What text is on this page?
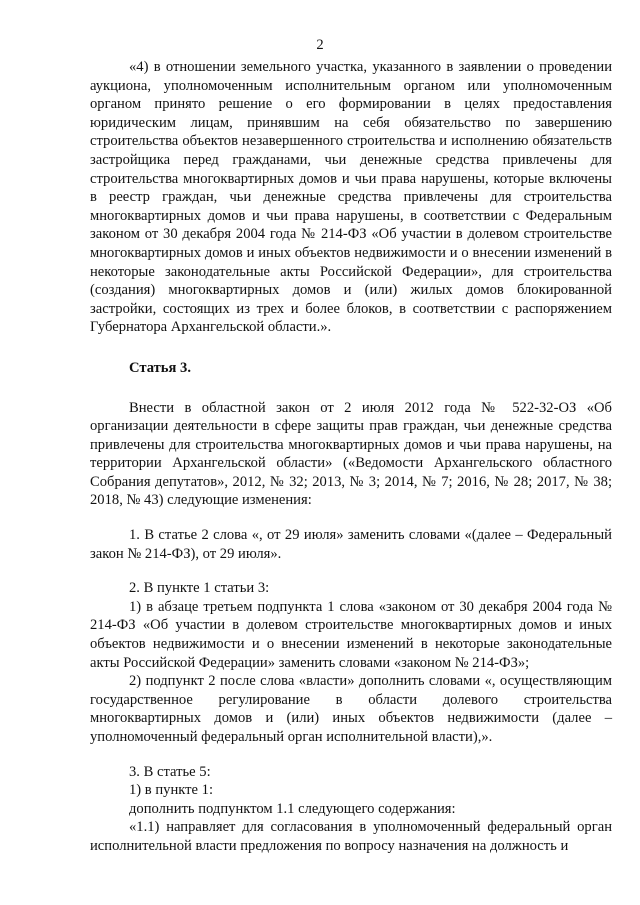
2

«4) в отношении земельного участка, указанного в заявлении о проведении аукциона, уполномоченным исполнительным органом или уполномоченным органом принято решение о его формировании в целях предоставления юридическим лицам, принявшим на себя обязательство по завершению строительства объектов незавершенного строительства и исполнению обязательств застройщика перед гражданами, чьи денежные средства привлечены для строительства многоквартирных домов и чьи права нарушены, которые включены в реестр граждан, чьи денежные средства привлечены для строительства многоквартирных домов и чьи права нарушены, в соответствии с Федеральным законом от 30 декабря 2004 года № 214-ФЗ «Об участии в долевом строительстве многоквартирных домов и иных объектов недвижимости и о внесении изменений в некоторые законодательные акты Российской Федерации», для строительства (создания) многоквартирных домов и (или) жилых домов блокированной застройки, состоящих из трех и более блоков, в соответствии с распоряжением Губернатора Архангельской области.».

Статья 3.

Внести в областной закон от 2 июля 2012 года № 522-32-ОЗ «Об организации деятельности в сфере защиты прав граждан, чьи денежные средства привлечены для строительства многоквартирных домов и чьи права нарушены, на территории Архангельской области» («Ведомости Архангельского областного Собрания депутатов», 2012, № 32; 2013, № 3; 2014, № 7; 2016, № 28; 2017, № 38; 2018, № 43) следующие изменения:

1. В статье 2 слова «, от 29 июля» заменить словами «(далее – Федеральный закон № 214-ФЗ), от 29 июля».

2. В пункте 1 статьи 3:

1) в абзаце третьем подпункта 1 слова «законом от 30 декабря 2004 года № 214-ФЗ «Об участии в долевом строительстве многоквартирных домов и иных объектов недвижимости и о внесении изменений в некоторые законодательные акты Российской Федерации» заменить словами «законом № 214-ФЗ»;

2) подпункт 2 после слова «власти» дополнить словами «, осуществляющим государственное регулирование в области долевого строительства многоквартирных домов и (или) иных объектов недвижимости (далее – уполномоченный федеральный орган исполнительной власти),».

3. В статье 5:

1) в пункте 1:

дополнить подпунктом 1.1 следующего содержания:

«1.1) направляет для согласования в уполномоченный федеральный орган исполнительной власти предложения по вопросу назначения на должность и
